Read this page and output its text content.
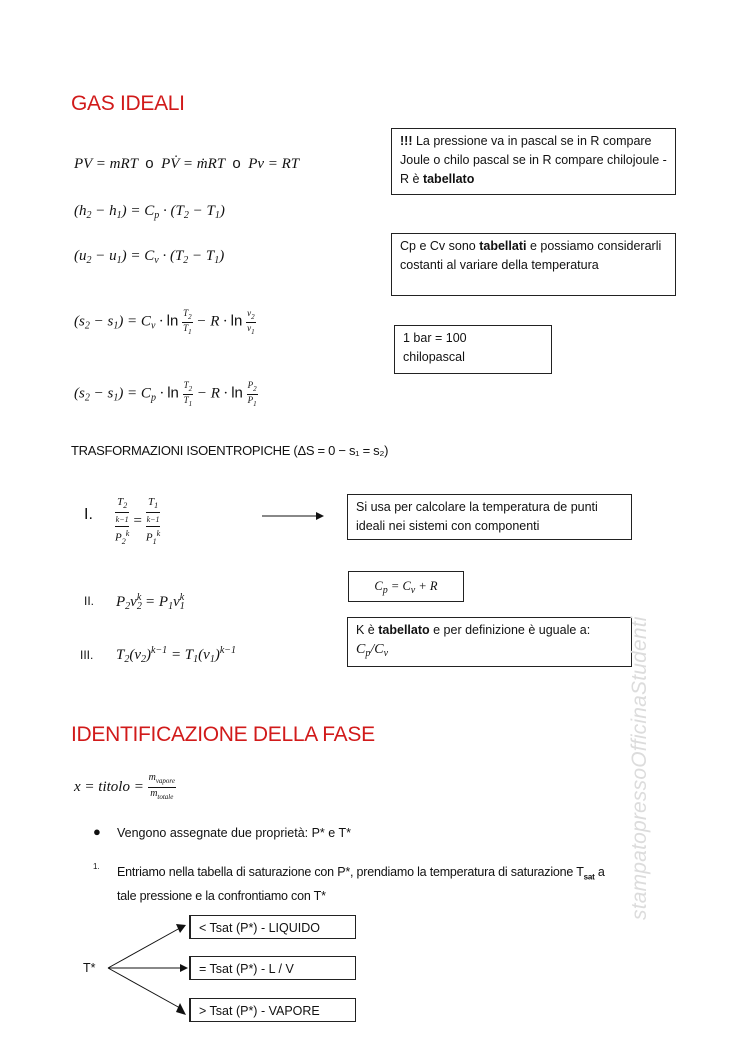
GAS IDEALI
PV = mRT  o  PV̇ = ṁRT  o  Pv = RT
$(h_2 - h_1) = C_p \cdot (T_2 - T_1)$
$(u_2 - u_1) = C_v \cdot (T_2 - T_1)$
$(s_2 - s_1) = C_v \cdot \ln \frac{T_2}{T_1} - R \cdot \ln \frac{v_2}{v_1}$
$(s_2 - s_1) = C_p \cdot \ln \frac{T_2}{T_1} - R \cdot \ln \frac{P_2}{P_1}$
!!! La pressione va in pascal se in R compare Joule o chilo pascal se in R compare chilojoule - R è tabellato
Cp e Cv sono tabellati e possiamo considerarli costanti al variare della temperatura
1 bar = 100 chilopascal
TRASFORMAZIONI ISOENTROPICHE (ΔS = 0 − s₁ = s₂)
I. $T_2$
k−1
$P_2^k = T_1$
k−1
$P_1^k$	Si usa per calcolare la temperatura de punti ideali nei sistemi con componenti
II. $P_2v_2^k = P_1v_1^k$
$C_p = C_v + R$
III. $T_2(v_2)^{k-1} = T_1(v_1)^{k-1}$
K è tabellato e per definizione è uguale a:
$C_p/C_v$
IDENTIFICAZIONE DELLA FASE
x = titolo = $\frac{m_{vapore}}{m_{totale}}$
● Vengono assegnate due proprietà: P* e T*
1. Entriamo nella tabella di saturazione con P*, prendiamo la temperatura di saturazione $T_{sat}$ a
tale pressione e la confrontiamo con T*
T*
< Tsat (P*) - LIQUIDO
= Tsat (P*) - L / V
> Tsat (P*) - VAPORE
stampatopressoOfficinaStudenti
